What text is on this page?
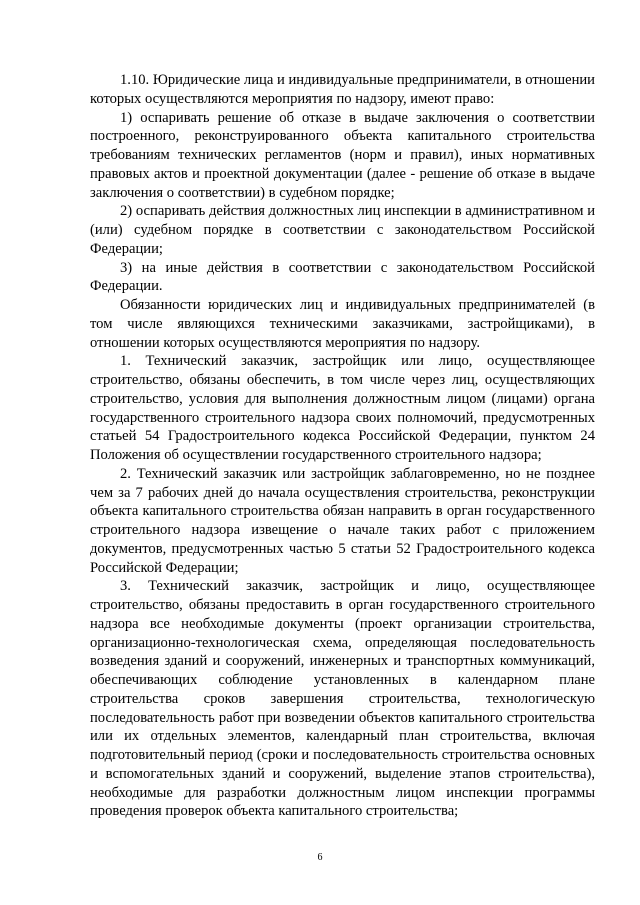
1.10. Юридические лица и индивидуальные предприниматели, в отношении которых осуществляются мероприятия по надзору, имеют право:

1) оспаривать решение об отказе в выдаче заключения о соответствии построенного, реконструированного объекта капитального строительства требованиям технических регламентов (норм и правил), иных нормативных правовых актов и проектной документации (далее - решение об отказе в выдаче заключения о соответствии) в судебном порядке;

2) оспаривать действия должностных лиц инспекции в административном и (или) судебном порядке в соответствии с законодательством Российской Федерации;

3) на иные действия в соответствии с законодательством Российской Федерации.

Обязанности юридических лиц и индивидуальных предпринимателей (в том числе являющихся техническими заказчиками, застройщиками), в отношении которых осуществляются мероприятия по надзору.

1. Технический заказчик, застройщик или лицо, осуществляющее строительство, обязаны обеспечить, в том числе через лиц, осуществляющих строительство, условия для выполнения должностным лицом (лицами) органа государственного строительного надзора своих полномочий, предусмотренных статьей 54 Градостроительного кодекса Российской Федерации, пунктом 24 Положения об осуществлении государственного строительного надзора;

2. Технический заказчик или застройщик заблаговременно, но не позднее чем за 7 рабочих дней до начала осуществления строительства, реконструкции объекта капитального строительства обязан направить в орган государственного строительного надзора извещение о начале таких работ с приложением документов, предусмотренных частью 5 статьи 52 Градостроительного кодекса Российской Федерации;

3. Технический заказчик, застройщик и лицо, осуществляющее строительство, обязаны предоставить в орган государственного строительного надзора все необходимые документы (проект организации строительства, организационно-технологическая схема, определяющая последовательность возведения зданий и сооружений, инженерных и транспортных коммуникаций, обеспечивающих соблюдение установленных в календарном плане строительства сроков завершения строительства, технологическую последовательность работ при возведении объектов капитального строительства или их отдельных элементов, календарный план строительства, включая подготовительный период (сроки и последовательность строительства основных и вспомогательных зданий и сооружений, выделение этапов строительства), необходимые для разработки должностным лицом инспекции программы проведения проверок объекта капитального строительства;

6
